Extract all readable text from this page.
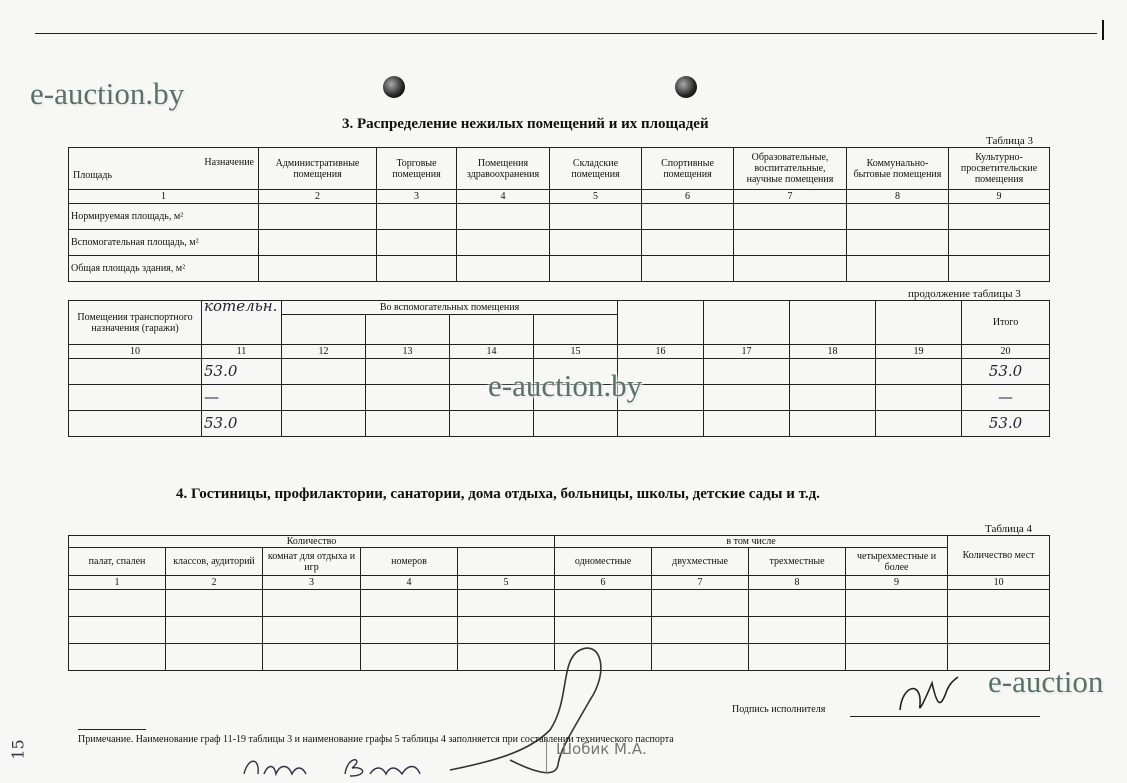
e-auction.by
3. Распределение нежилых помещений и их площадей
Таблица 3
Назначение
Площадь	Административные помещения	Торговые помещения	Помещения здравоохранения	Складские помещения	Спортивные помещения	Образовательные, воспитательные, научные помещения	Коммунально-бытовые помещения	Культурно-просветительские помещения
1	2	3	4	5	6	7	8	9
Нормируемая площадь, м²								
Вспомогательная площадь, м²								
Общая площадь здания, м²								
продолжение таблицы 3
Помещения транспортного назначения (гаражи)	котельн.	Во вспомогательных помещения								Итого

10	11	12	13	14	15	16	17	18	19	20
	53.0									53.0
	—									—
	53.0									53.0
e-auction.by
4. Гостиницы, профилактории, санатории, дома отдыха, больницы, школы, детские сады и т.д.
Таблица 4
Количество					в том числе				Количество мест
палат, спален	классов, аудиторий	комнат для отдыха и игр	номеров		одноместные	двухместные	трехместные	четырехместные и более	
1	2	3	4	5	6	7	8	9	10

e-auction
Подпись исполнителя
Примечание. Наименование граф 11-19 таблицы 3 и наименование графы 5 таблицы 4 заполняется при составлении технического паспорта
Шобик М.А.
15
